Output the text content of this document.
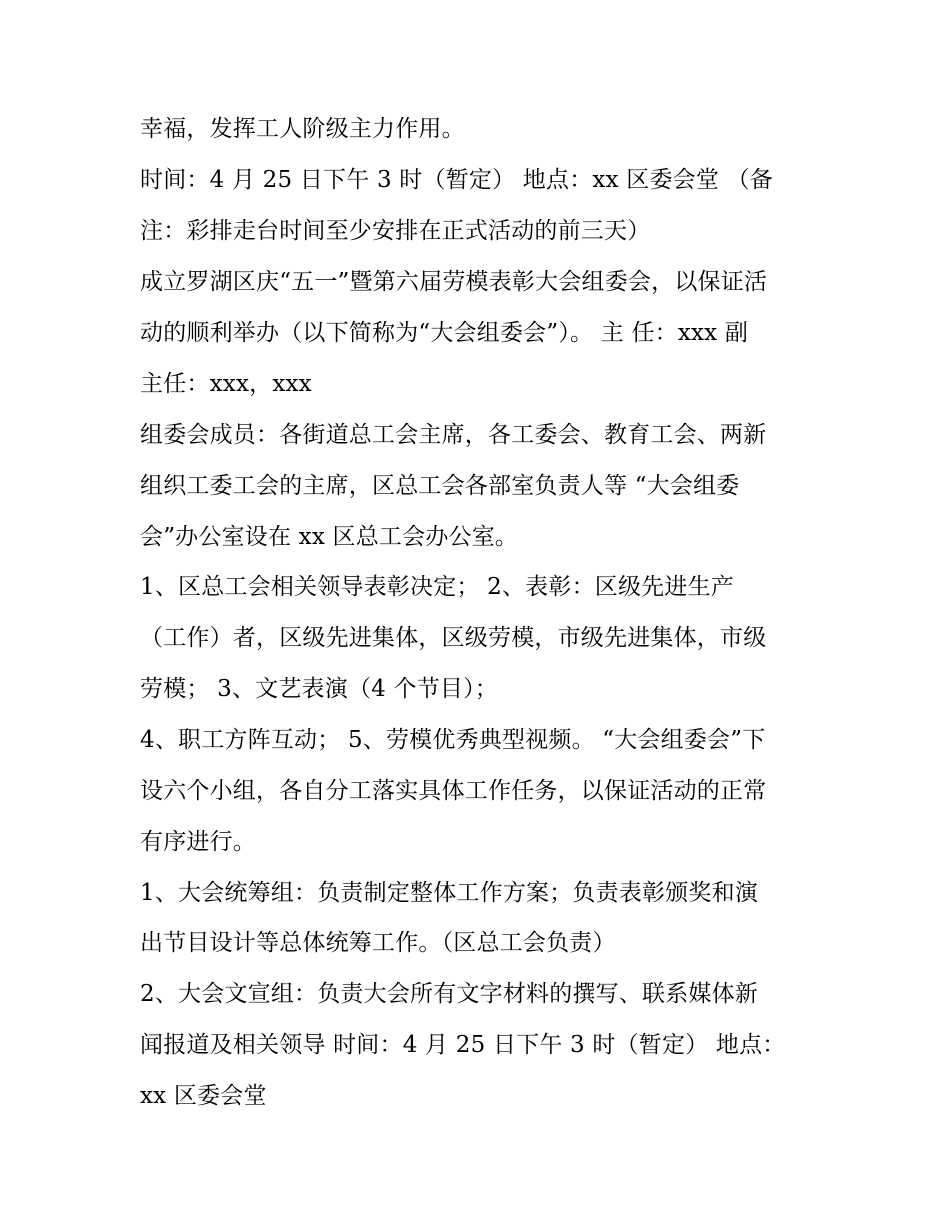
幸福，发挥工人阶级主力作用。

时间：4 月 25 日下午 3 时（暂定） 地点：xx 区委会堂 （备

注：彩排走台时间至少安排在正式活动的前三天）

成立罗湖区庆“五一”暨第六届劳模表彰大会组委会，以保证活

动的顺利举办（以下简称为“大会组委会”）。 主 任：xxx 副

主任：xxx，xxx

组委会成员：各街道总工会主席，各工委会、教育工会、两新

组织工委工会的主席，区总工会各部室负责人等 “大会组委

会”办公室设在 xx 区总工会办公室。

1、区总工会相关领导表彰决定； 2、表彰：区级先进生产

（工作）者，区级先进集体，区级劳模，市级先进集体，市级

劳模； 3、文艺表演（4 个节目）；

4、职工方阵互动； 5、劳模优秀典型视频。 “大会组委会”下

设六个小组，各自分工落实具体工作任务，以保证活动的正常

有序进行。

1、大会统筹组：负责制定整体工作方案；负责表彰颁奖和演

出节目设计等总体统筹工作。（区总工会负责）

2、大会文宣组：负责大会所有文字材料的撰写、联系媒体新

闻报道及相关领导 时间：4 月 25 日下午 3 时（暂定） 地点：

xx 区委会堂
